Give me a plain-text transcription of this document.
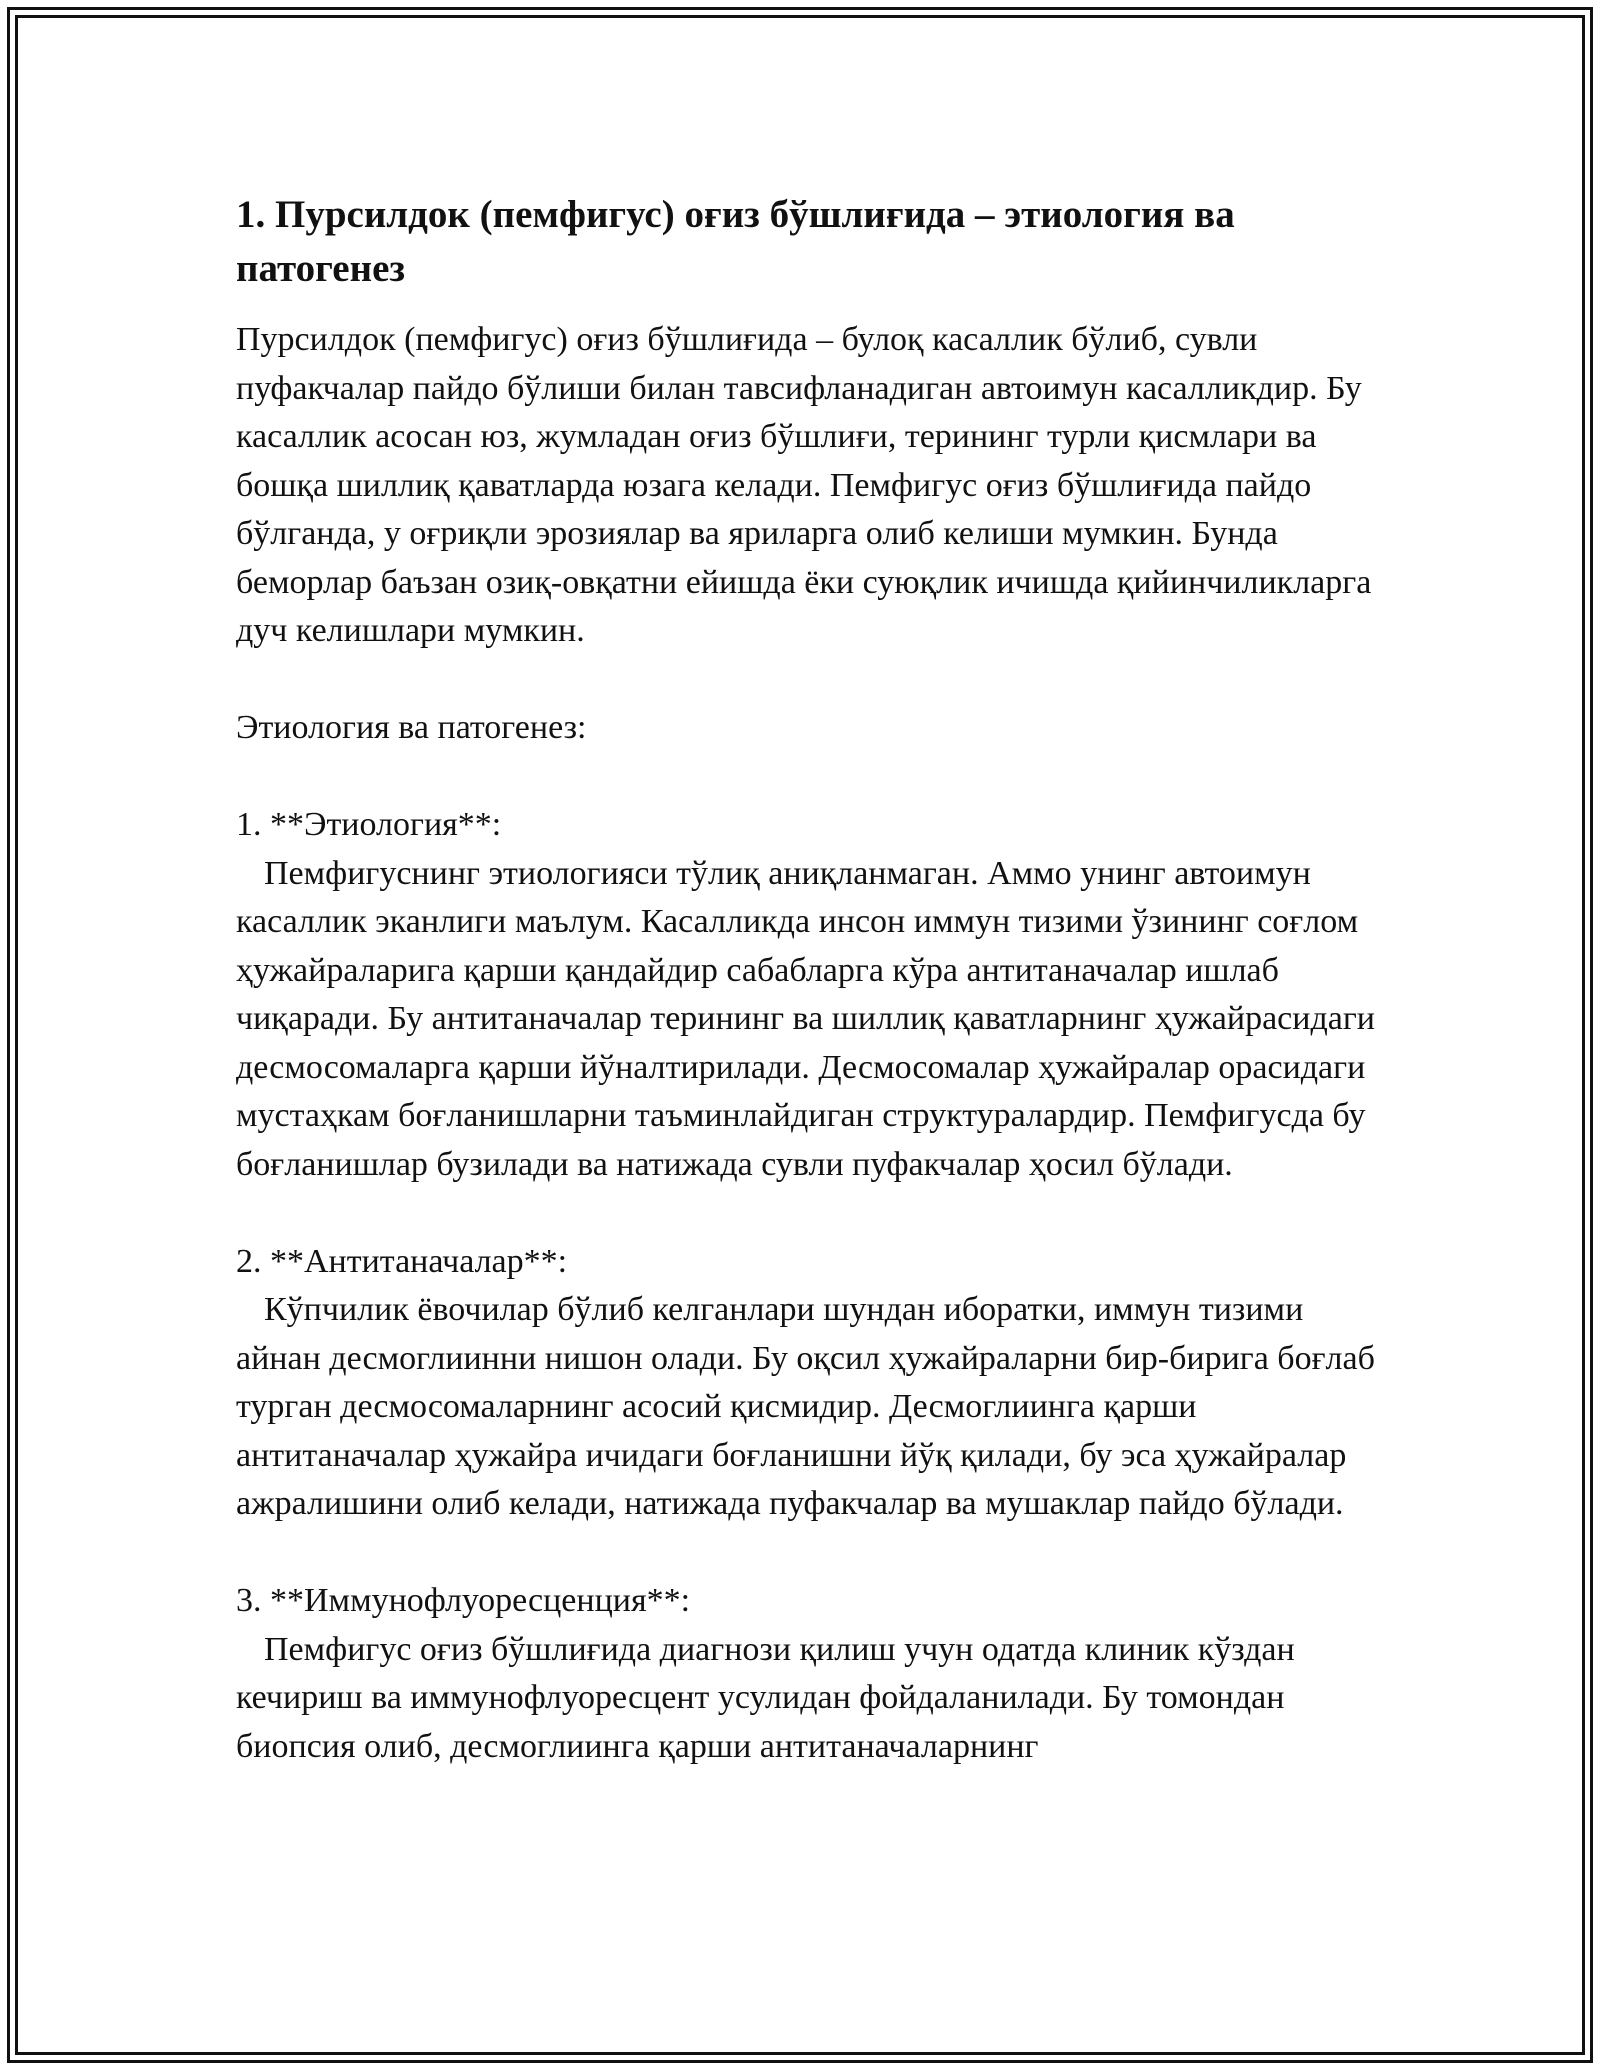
1. Пурсилдок (пемфигус) оғиз бўшлиғида – этиология ва патогенез

Пурсилдок (пемфигус) оғиз бўшлиғида – булоқ касаллик бўлиб, сувли пуфакчалар пайдо бўлиши билан тавсифланадиган автоимун касалликдир. Бу касаллик асосан юз, жумладан оғиз бўшлиғи, терининг турли қисмлари ва бошқа шиллиқ қаватларда юзага келади. Пемфигус оғиз бўшлиғида пайдо бўлганда, у оғриқли эрозиялар ва яриларга олиб келиши мумкин. Бунда беморлар баъзан озиқ-овқатни ейишда ёки суюқлик ичишда қийинчиликларга дуч келишлари мумкин.

Этиология ва патогенез:

1. **Этиология**:

Пемфигуснинг этиологияси тўлиқ аниқланмаган. Аммо унинг автоимун касаллик эканлиги маълум. Касалликда инсон иммун тизими ўзининг соғлом ҳужайраларига қарши қандайдир сабабларга кўра антитаначалар ишлаб чиқаради. Бу антитаначалар терининг ва шиллиқ қаватларнинг ҳужайрасидаги десмосомаларга қарши йўналтирилади. Десмосомалар ҳужайралар орасидаги мустаҳкам боғланишларни таъминлайдиган структуралардир. Пемфигусда бу боғланишлар бузилади ва натижада сувли пуфакчалар ҳосил бўлади.

2. **Антитаначалар**:

Кўпчилик ёвочилар бўлиб келганлари шундан иборатки, иммун тизими айнан десмоглиинни нишон олади. Бу оқсил ҳужайраларни бир-бирига боғлаб турган десмосомаларнинг асосий қисмидир. Десмоглиинга қарши антитаначалар ҳужайра ичидаги боғланишни йўқ қилади, бу эса ҳужайралар ажралишини олиб келади, натижада пуфакчалар ва мушаклар пайдо бўлади.

3. **Иммунофлуоресценция**:

Пемфигус оғиз бўшлиғида диагнози қилиш учун одатда клиник кўздан кечириш ва иммунофлуоресцент усулидан фойдаланилади. Бу томондан биопсия олиб, десмоглиинга қарши антитаначаларнинг
